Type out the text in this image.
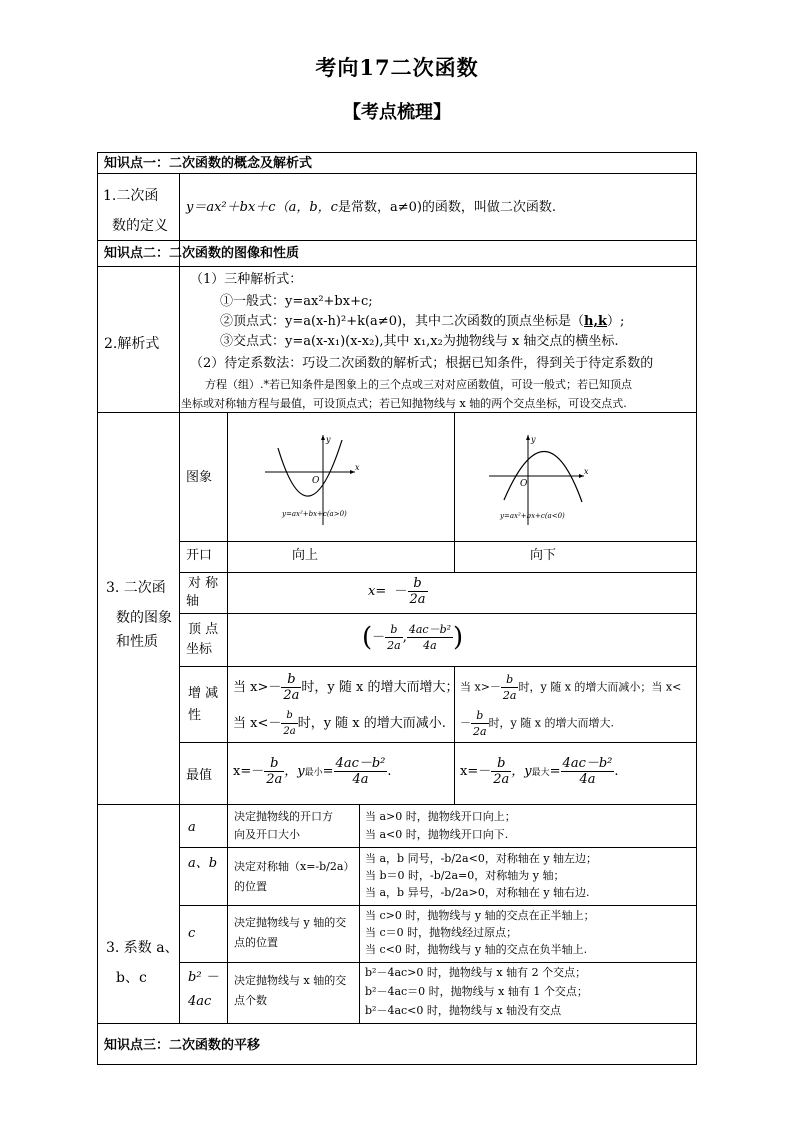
考向17二次函数
【考点梳理】
知识点一：二次函数的概念及解析式
1.二次函
数的定义
y＝ax²＋bx＋c（a，b，c是常数，a≠0)的函数，叫做二次函数.
知识点二：二次函数的图像和性质
2.解析式
（1）三种解析式：
①一般式：y=ax²+bx+c;
②顶点式：y=a(x-h)²+k(a≠0)，其中二次函数的顶点坐标是（h,k）;
③交点式：y=a(x-x₁)(x-x₂),其中 x₁,x₂为抛物线与 x 轴交点的横坐标.
（2）待定系数法：巧设二次函数的解析式；根据已知条件，得到关于待定系数的
方程（组）.*若已知条件是图象上的三个点或三对对应函数值，可设一般式；若已知顶点
坐标或对称轴方程与最值，可设顶点式；若已知抛物线与 x 轴的两个交点坐标，可设交点式.
3. 二次函
数的图象
和性质
图象
开口
对 称
轴
顶 点
坐标
增 减
性
最值
x
y
O
y=ax²+bx+c(a>0)
x
y
O
y=ax²+bx+c(a<0)
向上	向下
$x= - \frac{b}{2a}$
(－ $\frac{b}{2a}$ , $\frac{\text{4ac－b²}}{4a}$ )
当 $x>- \frac{b}{2a}$ 时，y 随 x 的增大而增大；
当 $x<- \frac{b}{2a}$ 时，y 随 x 的增大而减小.
当 $x>- \frac{b}{2a}$ 时，y 随 x 的增大而减小；当 x<
－ $\frac{b}{2a}$ 时，y 随 x 的增大而增大.
$x=- \frac{b}{2a}$ ，y最小= $\frac{\text{4ac－b²}}{4a}$ .	$x=- \frac{b}{2a}$ ，y最大= $\frac{\text{4ac－b²}}{4a}$ .
3. 系数 a、
b、c
a
决定抛物线的开口方
向及开口大小
当 a>0 时，抛物线开口向上；
当 a<0 时，抛物线开口向下.
a、b 决定对称轴（x=-b/2a）
的位置
当 a，b 同号，-b/2a<0，对称轴在 y 轴左边；
当 b＝0 时，-b/2a=0，对称轴为 y 轴；
当 a，b 异号，-b/2a>0，对称轴在 y 轴右边.
c
决定抛物线与 y 轴的交
点的位置
当 c>0 时，抛物线与 y 轴的交点在正半轴上；
当 c＝0 时，抛物线经过原点；
当 c<0 时，抛物线与 y 轴的交点在负半轴上.
b² －
4ac
决定抛物线与 x 轴的交
点个数
b²－4ac>0 时，抛物线与 x 轴有 2 个交点；
b²－4ac＝0 时，抛物线与 x 轴有 1 个交点；
b²－4ac<0 时，抛物线与 x 轴没有交点
知识点三：二次函数的平移
